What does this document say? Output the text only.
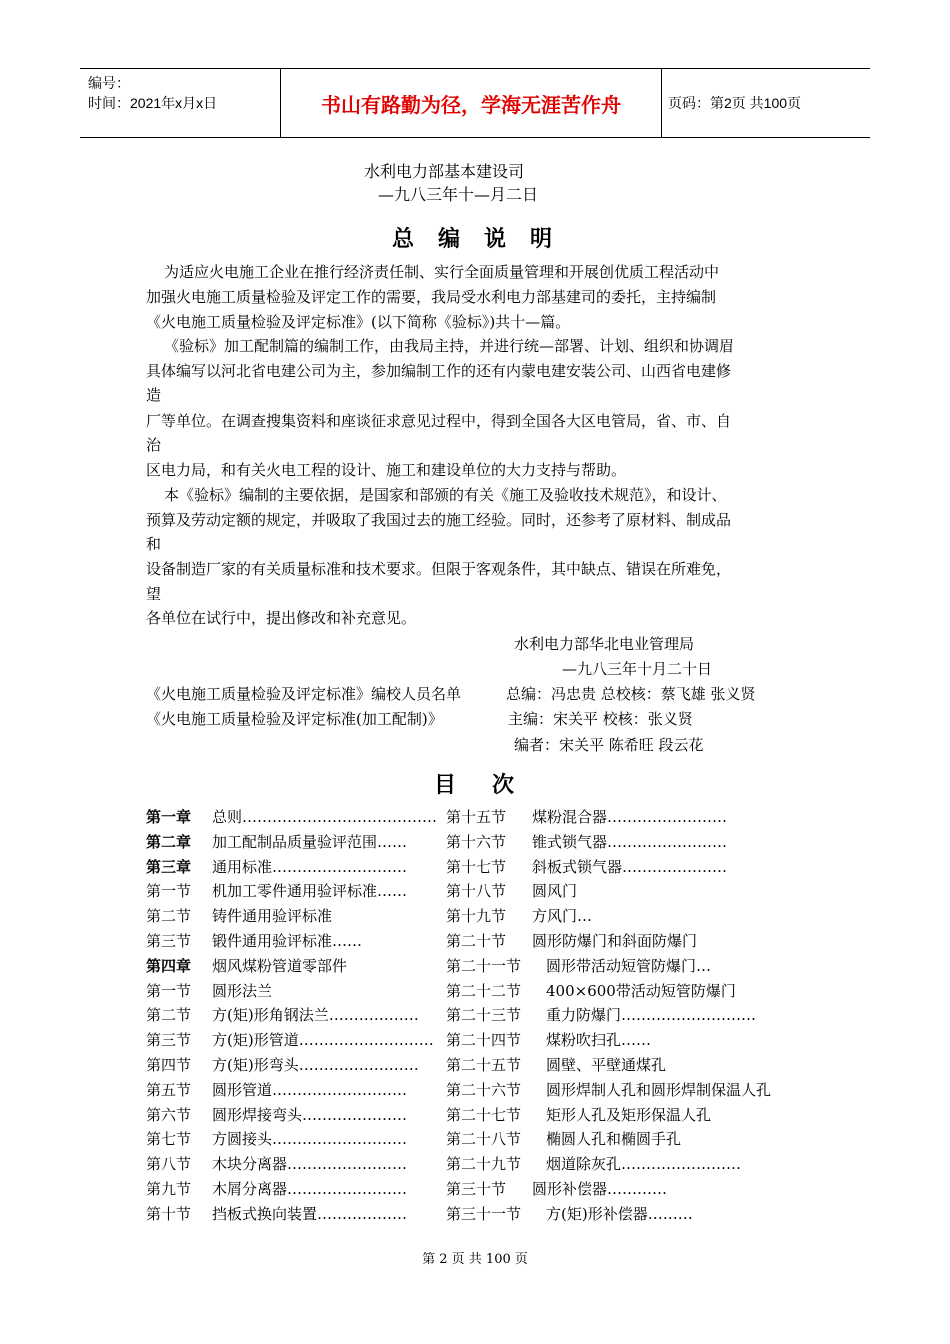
编号：
时间：2021年x月x日	书山有路勤为径，学海无涯苦作舟	页码：第2页 共100页
水利电力部基本建设司
—九八三年十—月二日
总编说明
为适应火电施工企业在推行经济责任制、实行全面质量管理和开展创优质工程活动中
加强火电施工质量检验及评定工作的需要，我局受水利电力部基建司的委托，主持编制
《火电施工质量检验及评定标准》(以下简称《验标》)共十—篇。
《验标》加工配制篇的编制工作，由我局主持，并进行统—部署、计划、组织和协调眉
具体编写以河北省电建公司为主，参加编制工作的还有内蒙电建安装公司、山西省电建修
造
厂等单位。在调查搜集资料和座谈征求意见过程中，得到全国各大区电管局，省、市、自
治
区电力局，和有关火电工程的设计、施工和建设单位的大力支持与帮助。
本《验标》编制的主要依据，是国家和部颁的有关《施工及验收技术规范》，和设计、
预算及劳动定额的规定，并吸取了我国过去的施工经验。同时，还参考了原材料、制成品
和
设备制造厂家的有关质量标准和技术要求。但限于客观条件，其中缺点、错误在所难免，
望
各单位在试行中，提出修改和补充意见。
水利电力部华北电业管理局
—九八三年十月二十日
《火电施工质量检验及评定标准》编校人员名单	总编：冯忠贵 总校核：蔡飞雄 张义贤
《火电施工质量检验及评定标准(加工配制)》	主编：宋关平 校核：张义贤
编者：宋关平 陈希旺 段云花
目次
第一章 总则………………………………… 第十五节 煤粉混合器……………………
第二章 加工配制品质量验评范围……	第十六节 锥式锁气器……………………
第三章 通用标准………………………	第十七节 斜板式锁气器…………………
第一节 机加工零件通用验评标准……	第十八节 圆风门
第二节 铸件通用验评标准	第十九节 方风门…
第三节 锻件通用验评标准……	第二十节 圆形防爆门和斜面防爆门
第四章 烟风煤粉管道零部件	第二十一节 圆形带活动短管防爆门…
第一节 圆形法兰	第二十二节 400×600带活动短管防爆门
第二节 方(矩)形角钢法兰……………… 第二十三节 重力防爆门………………………
第三节 方(矩)形管道……………………… 第二十四节 煤粉吹扫孔……
第四节 方(矩)形弯头…………………… 第二十五节 圆壁、平壁通煤孔
第五节 圆形管道………………………	第二十六节 圆形焊制人孔和圆形焊制保温人孔
第六节 圆形焊接弯头…………………	第二十七节 矩形人孔及矩形保温人孔
第七节 方圆接头………………………	第二十八节 椭圆人孔和椭圆手孔
第八节 木块分离器……………………	第二十九节 烟道除灰孔……………………
第九节 木屑分离器……………………	第三十节 圆形补偿器…………
第十节 挡板式换向装置………………	第三十一节 方(矩)形补偿器………
第 2 页 共 100 页
